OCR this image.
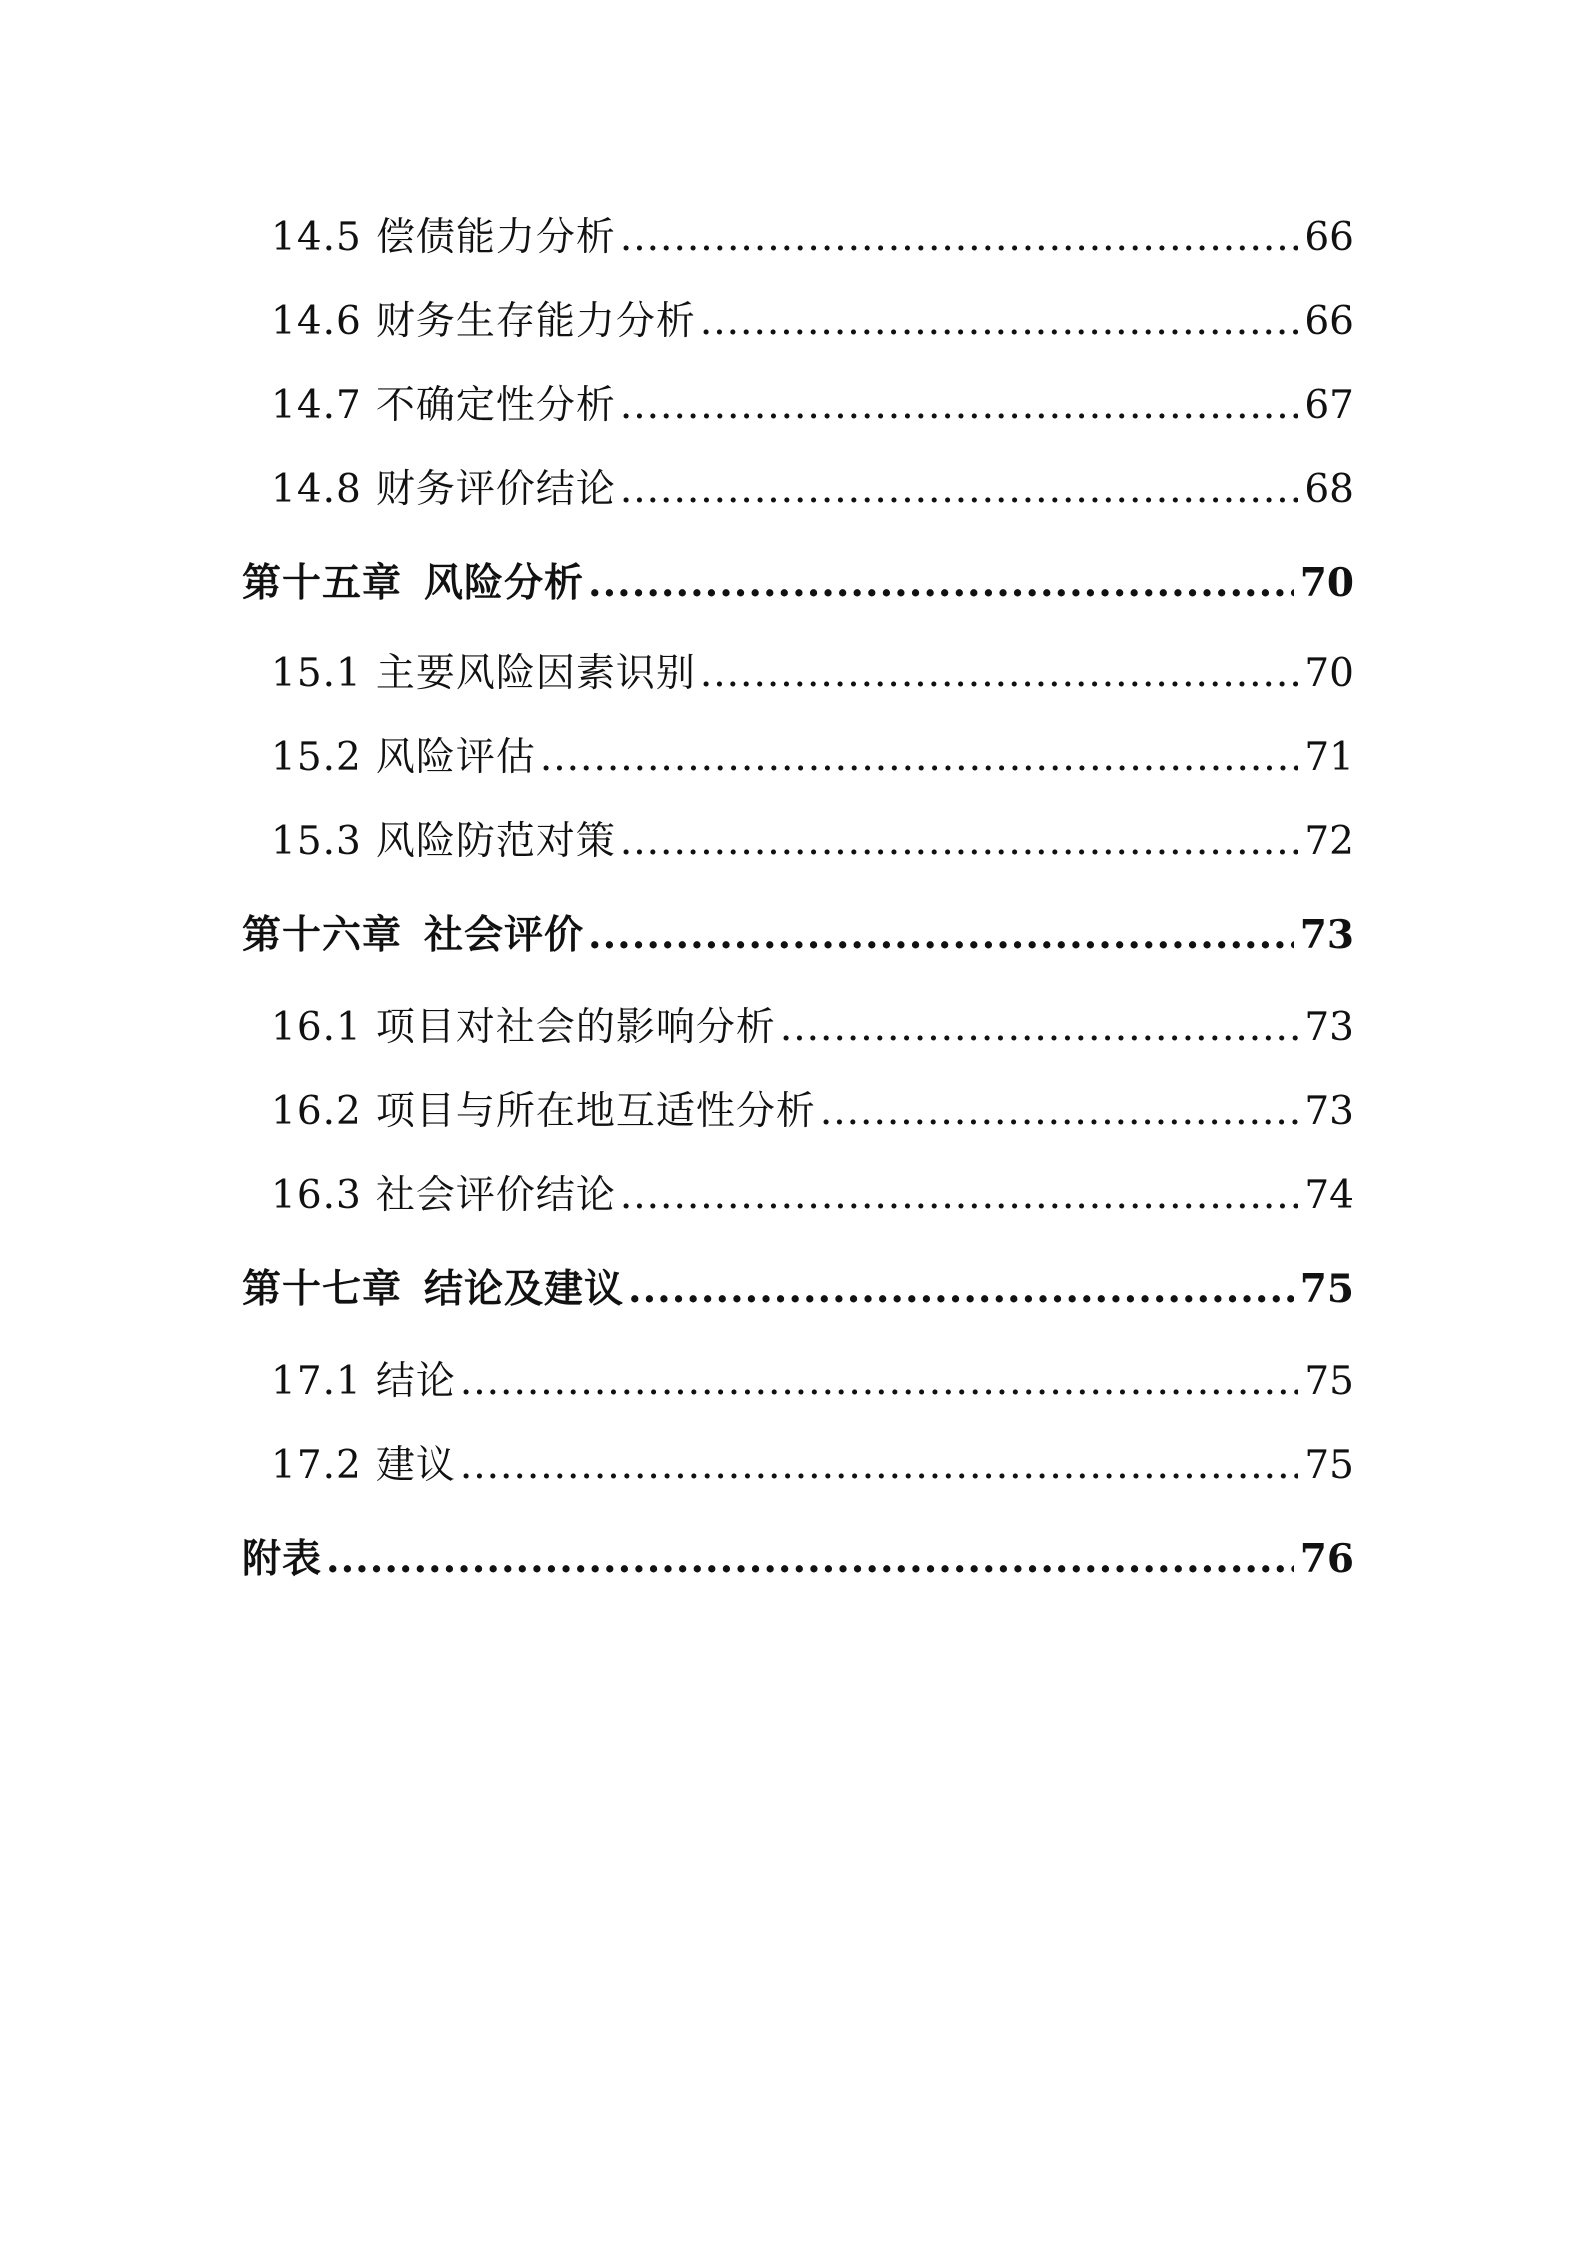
14.5 偿债能力分析 .....	66
14.6 财务生存能力分析 .....	66
14.7 不确定性分析 .....	67
14.8 财务评价结论 .....	68
第十五章 风险分析 .....	70
15.1 主要风险因素识别 .....	70
15.2 风险评估 .....	71
15.3 风险防范对策 .....	72
第十六章 社会评价 .....	73
16.1 项目对社会的影响分析 .....	73
16.2 项目与所在地互适性分析 .....	73
16.3 社会评价结论 .....	74
第十七章 结论及建议 .....	75
17.1 结论 .....	75
17.2 建议 .....	75
附表 .....	76
